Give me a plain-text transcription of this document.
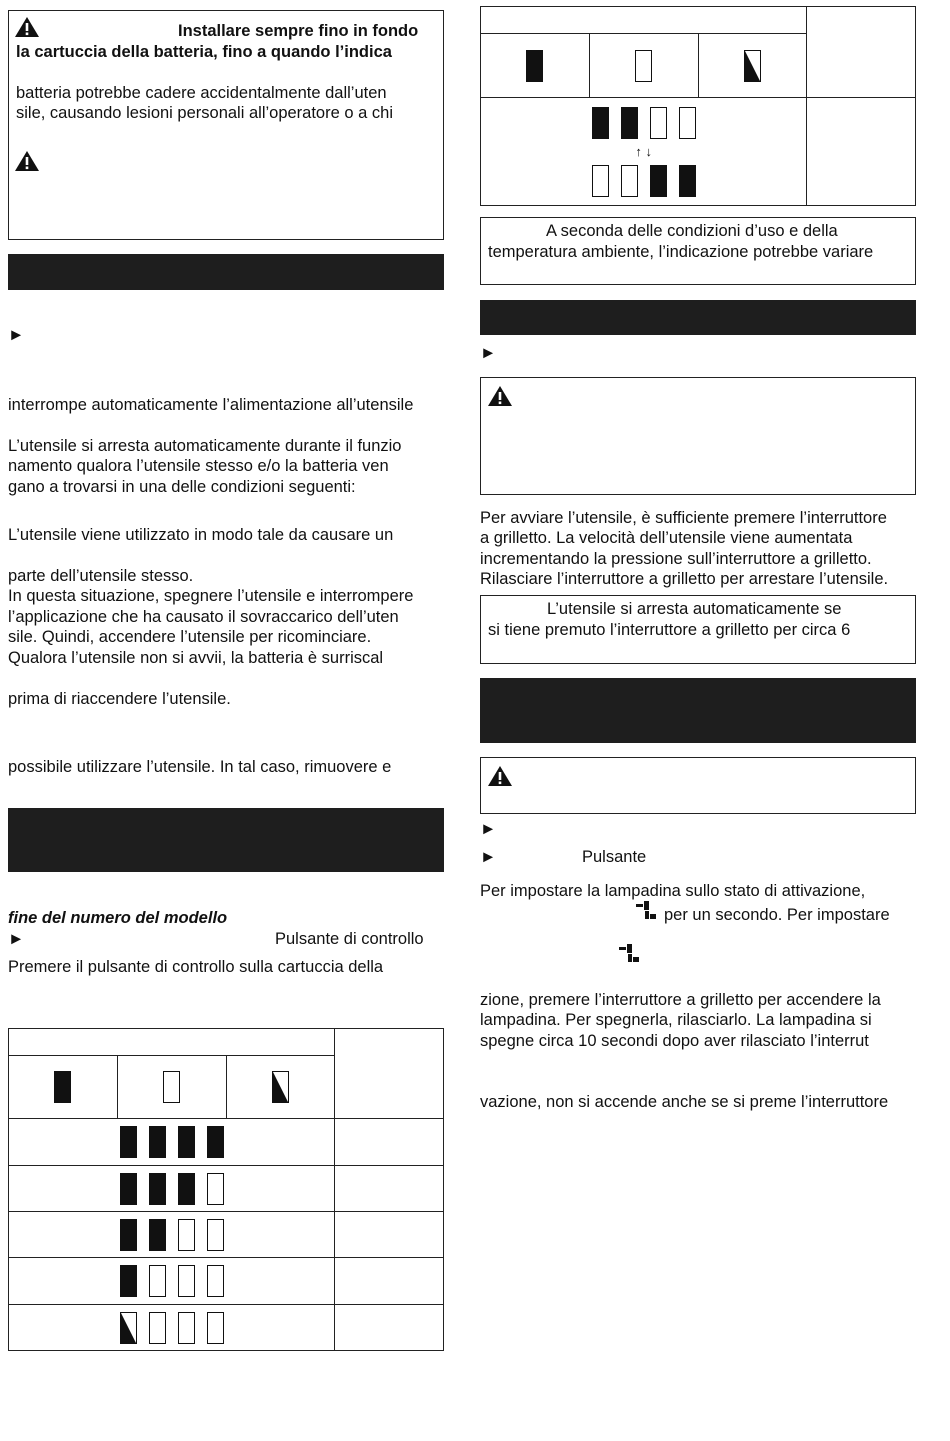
Installare sempre fino in fondo
la cartuccia della batteria, fino a quando l’indica
batteria potrebbe cadere accidentalmente dall’uten
sile, causando lesioni personali all’operatore o a chi
►
interrompe automaticamente l’alimentazione all’utensile
L’utensile si arresta automaticamente durante il funzio
namento qualora l’utensile stesso e/o la batteria ven
gano a trovarsi in una delle condizioni seguenti:
L’utensile viene utilizzato in modo tale da causare un
parte dell’utensile stesso.
In questa situazione, spegnere l’utensile e interrompere
l’applicazione che ha causato il sovraccarico dell’uten
sile. Quindi, accendere l’utensile per ricominciare.
Qualora l’utensile non si avvii, la batteria è surriscal
prima di riaccendere l’utensile.
possibile utilizzare l’utensile. In tal caso, rimuovere e
fine del numero del modello
►	Pulsante di controllo
Premere il pulsante di controllo sulla cartuccia della

↑ ↓			

A seconda delle condizioni d’uso e della
temperatura ambiente, l’indicazione potrebbe variare
►
Per avviare l’utensile, è sufficiente premere l’interruttore
a grilletto. La velocità dell’utensile viene aumentata
incrementando la pressione sull’interruttore a grilletto.
Rilasciare l’interruttore a grilletto per arrestare l’utensile.
L’utensile si arresta automaticamente se
si tiene premuto l’interruttore a grilletto per circa 6
►
►	Pulsante
Per impostare la lampadina sullo stato di attivazione,
per un secondo. Per impostare
zione, premere l’interruttore a grilletto per accendere la
lampadina. Per spegnerla, rilasciarlo. La lampadina si
spegne circa 10 secondi dopo aver rilasciato l’interrut
vazione, non si accende anche se si preme l’interruttore
